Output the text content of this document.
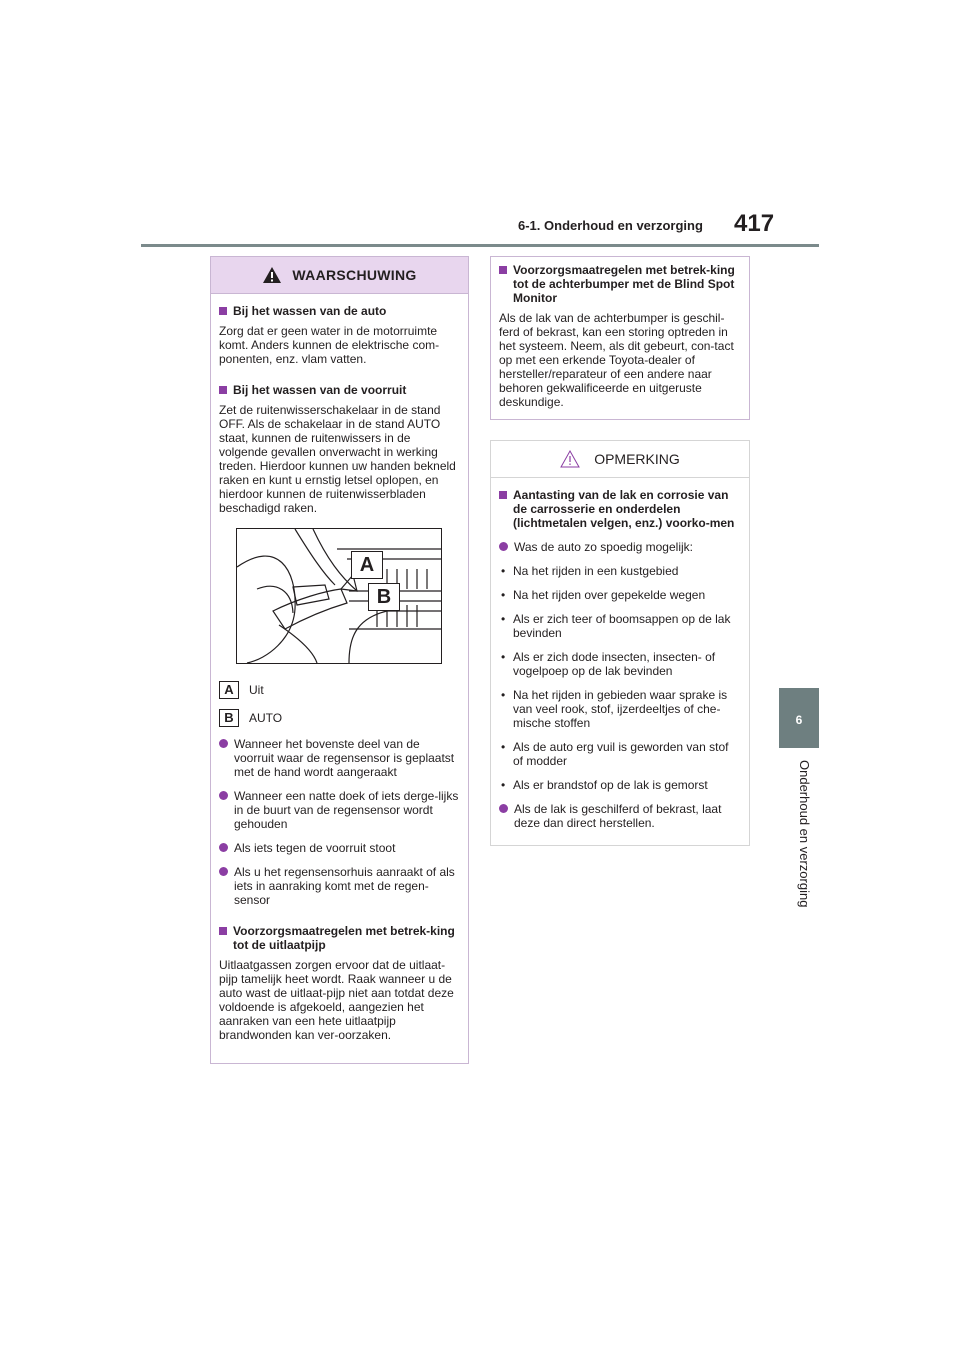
6-1. Onderhoud en verzorging 417
6
Onderhoud en verzorging
WAARSCHUWING
Bij het wassen van de auto
Zorg dat er geen water in de motorruimte komt. Anders kunnen de elektrische com-ponenten, enz. vlam vatten.
Bij het wassen van de voorruit
Zet de ruitenwisserschakelaar in de stand OFF. Als de schakelaar in de stand AUTO staat, kunnen de ruitenwissers in de volgende gevallen onverwacht in werking treden. Hierdoor kunnen uw handen bekneld raken en kunt u ernstig letsel oplopen, en hierdoor kunnen de ruitenwisserbladen beschadigd raken.
A	Uit
B	AUTO
Wanneer het bovenste deel van de voorruit waar de regensensor is geplaatst met de hand wordt aangeraakt
Wanneer een natte doek of iets derge-lijks in de buurt van de regensensor wordt gehouden
Als iets tegen de voorruit stoot
Als u het regensensorhuis aanraakt of als iets in aanraking komt met de regen-sensor
Voorzorgsmaatregelen met betrek-king tot de uitlaatpijp
Uitlaatgassen zorgen ervoor dat de uitlaat-pijp tamelijk heet wordt. Raak wanneer u de auto wast de uitlaat-pijp niet aan totdat deze voldoende is afgekoeld, aangezien het aanraken van een hete uitlaatpijp brandwonden kan ver-oorzaken.
A
B
Voorzorgsmaatregelen met betrek-king tot de achterbumper met de Blind Spot Monitor
Als de lak van de achterbumper is geschil-ferd of bekrast, kan een storing optreden in het systeem. Neem, als dit gebeurt, con-tact op met een erkende Toyota-dealer of hersteller/reparateur of een andere naar behoren gekwalificeerde en uitgeruste deskundige.
OPMERKING
Aantasting van de lak en corrosie van de carrosserie en onderdelen (lichtmetalen velgen, enz.) voorko-men
Was de auto zo spoedig mogelijk:
• Na het rijden in een kustgebied
• Na het rijden over gepekelde wegen
• Als er zich teer of boomsappen op de lak bevinden
• Als er zich dode insecten, insecten- of vogelpoep op de lak bevinden
• Na het rijden in gebieden waar sprake is van veel rook, stof, ijzerdeeltjes of che-mische stoffen
• Als de auto erg vuil is geworden van stof of modder
• Als er brandstof op de lak is gemorst
Als de lak is geschilferd of bekrast, laat deze dan direct herstellen.
